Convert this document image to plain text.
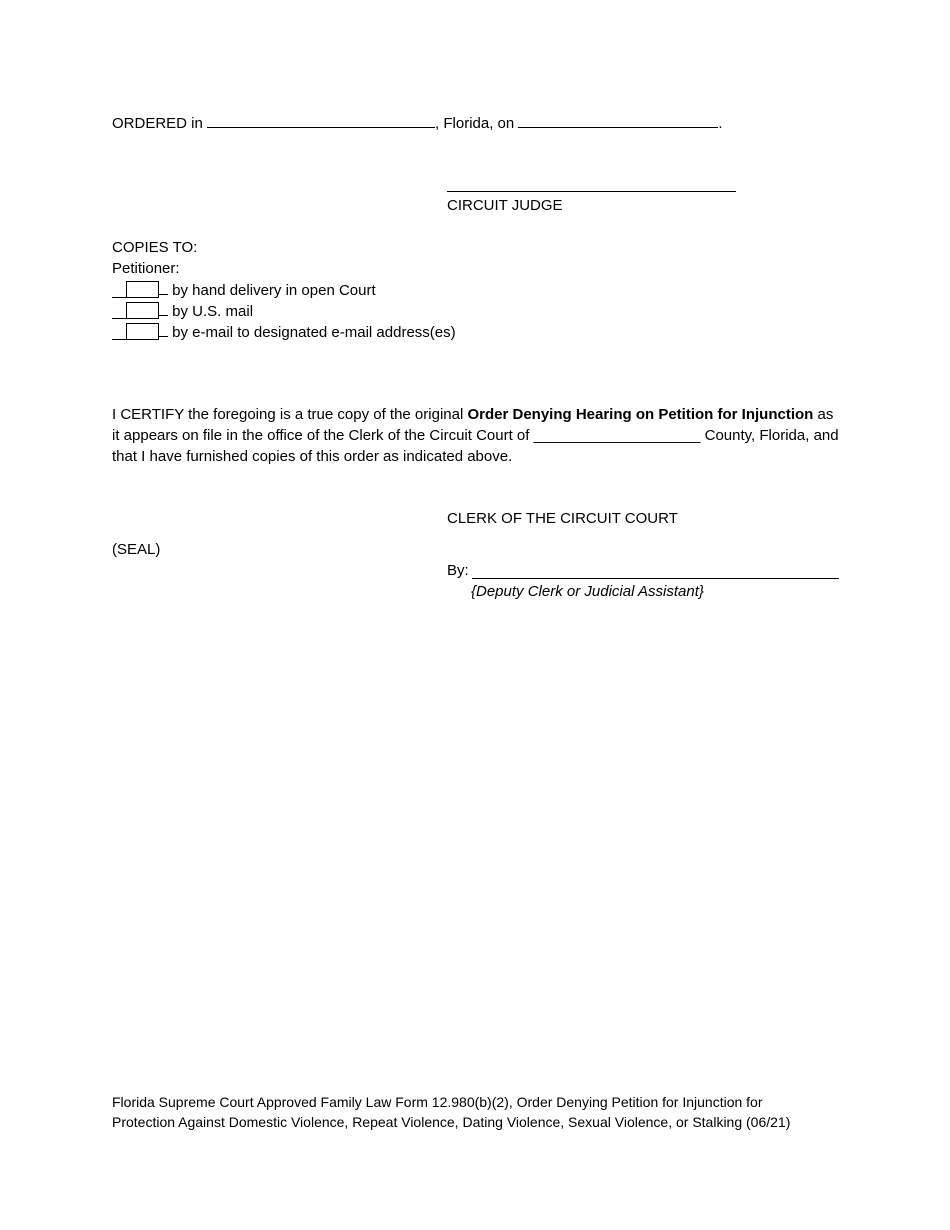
ORDERED in	, Florida, on	.
CIRCUIT JUDGE
COPIES TO:
Petitioner:
by hand delivery in open Court
by U.S. mail
by e-mail to designated e-mail address(es)
I CERTIFY the foregoing is a true copy of the original Order Denying Hearing on Petition for Injunction as it appears on file in the office of the Clerk of the Circuit Court of ____________________ County, Florida, and that I have furnished copies of this order as indicated above.
CLERK OF THE CIRCUIT COURT
(SEAL)
By:
{Deputy Clerk or Judicial Assistant}
Florida Supreme Court Approved Family Law Form 12.980(b)(2), Order Denying Petition for Injunction for
Protection Against Domestic Violence, Repeat Violence, Dating Violence, Sexual Violence, or Stalking (06/21)
